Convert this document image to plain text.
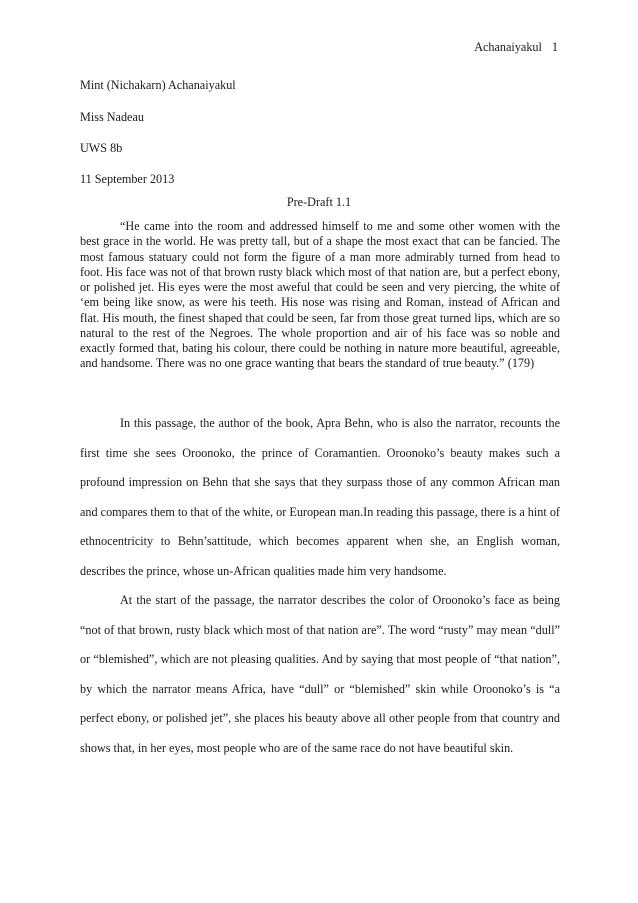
Achanaiyakul 1
Mint (Nichakarn) Achanaiyakul
Miss Nadeau
UWS 8b
11 September 2013
Pre-Draft 1.1

“He came into the room and addressed himself to me and some other women with the best grace in the world. He was pretty tall, but of a shape the most exact that can be fancied. The most famous statuary could not form the figure of a man more admirably turned from head to foot. His face was not of that brown rusty black which most of that nation are, but a perfect ebony, or polished jet. His eyes were the most aweful that could be seen and very piercing, the white of ‘em being like snow, as were his teeth. His nose was rising and Roman, instead of African and flat. His mouth, the finest shaped that could be seen, far from those great turned lips, which are so natural to the rest of the Negroes. The whole proportion and air of his face was so noble and exactly formed that, bating his colour, there could be nothing in nature more beautiful, agreeable, and handsome. There was no one grace wanting that bears the standard of true beauty.” (179)

In this passage, the author of the book, Apra Behn, who is also the narrator, recounts the first time she sees Oroonoko, the prince of Coramantien. Oroonoko’s beauty makes such a profound impression on Behn that she says that they surpass those of any common African man and compares them to that of the white, or European man.In reading this passage, there is a hint of ethnocentricity to Behn’sattitude, which becomes apparent when she, an English woman, describes the prince, whose un-African qualities made him very handsome.

At the start of the passage, the narrator describes the color of Oroonoko’s face as being “not of that brown, rusty black which most of that nation are”. The word “rusty” may mean “dull” or “blemished”, which are not pleasing qualities. And by saying that most people of “that nation”, by which the narrator means Africa, have “dull” or “blemished” skin while Oroonoko’s is “a perfect ebony, or polished jet”, she places his beauty above all other people from that country and shows that, in her eyes, most people who are of the same race do not have beautiful skin.
